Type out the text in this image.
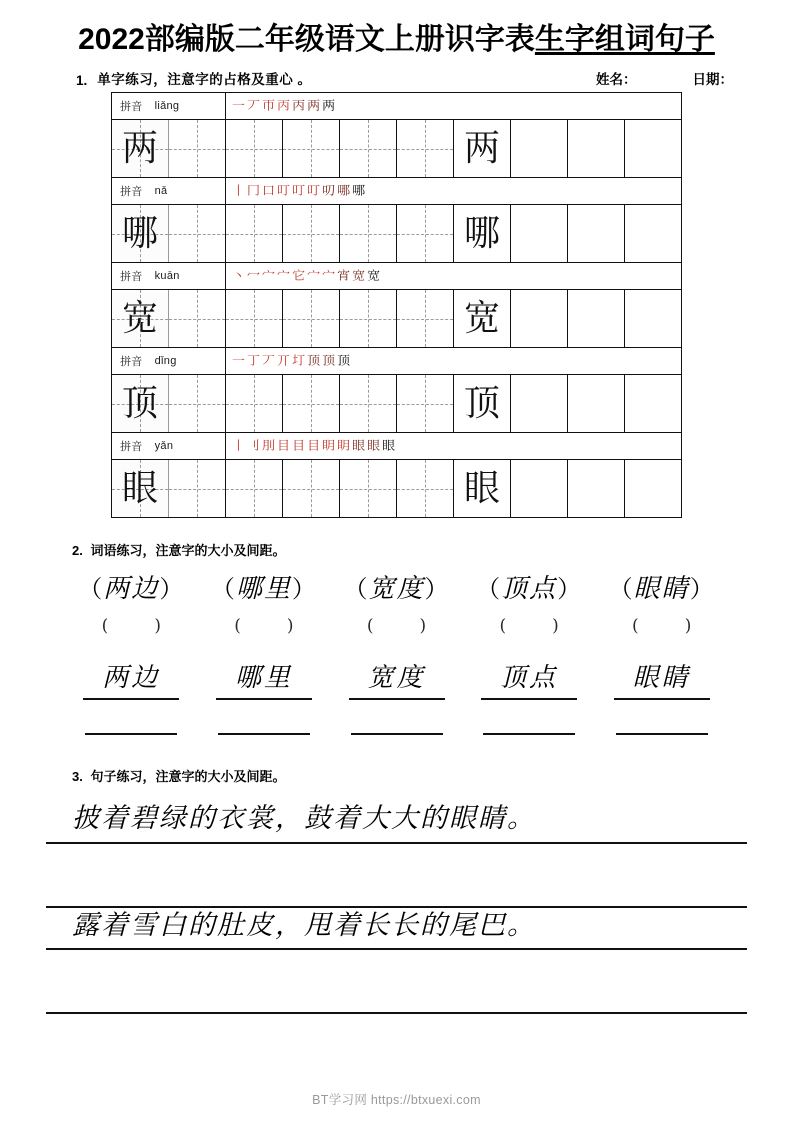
2022部编版二年级语文上册识字表生字组词句子
1. 单字练习，注意字的占格及重心 。	姓名：	日期：
拼音 liǎng	一 丆 帀 丙 丙 两 两
两	两
拼音 nǎ	丨 冂 口 叮 叮 叮 叨 哪 哪
哪	哪
拼音 kuān	丶 冖 宀 宀 它 宀 宀 宵 宽 宽
宽	宽
拼音 dǐng	一 丁 丆 丌 圢 顶 顶 顶
顶	顶
拼音 yǎn	丨 刂 刖 目 目 目 眀 眀 眼 眼 眼
眼	眼
2. 词语练习，注意字的大小及间距。
（两边）	（哪里）	（宽度）	（顶点）	（眼睛）
(	)	(	)	(	)	(	)	(	)
两边	哪里	宽度	顶点	眼睛
3. 句子练习，注意字的大小及间距。
披着碧绿的衣裳，鼓着大大的眼睛。
露着雪白的肚皮，甩着长长的尾巴。
BT学习网 https://btxuexi.com
